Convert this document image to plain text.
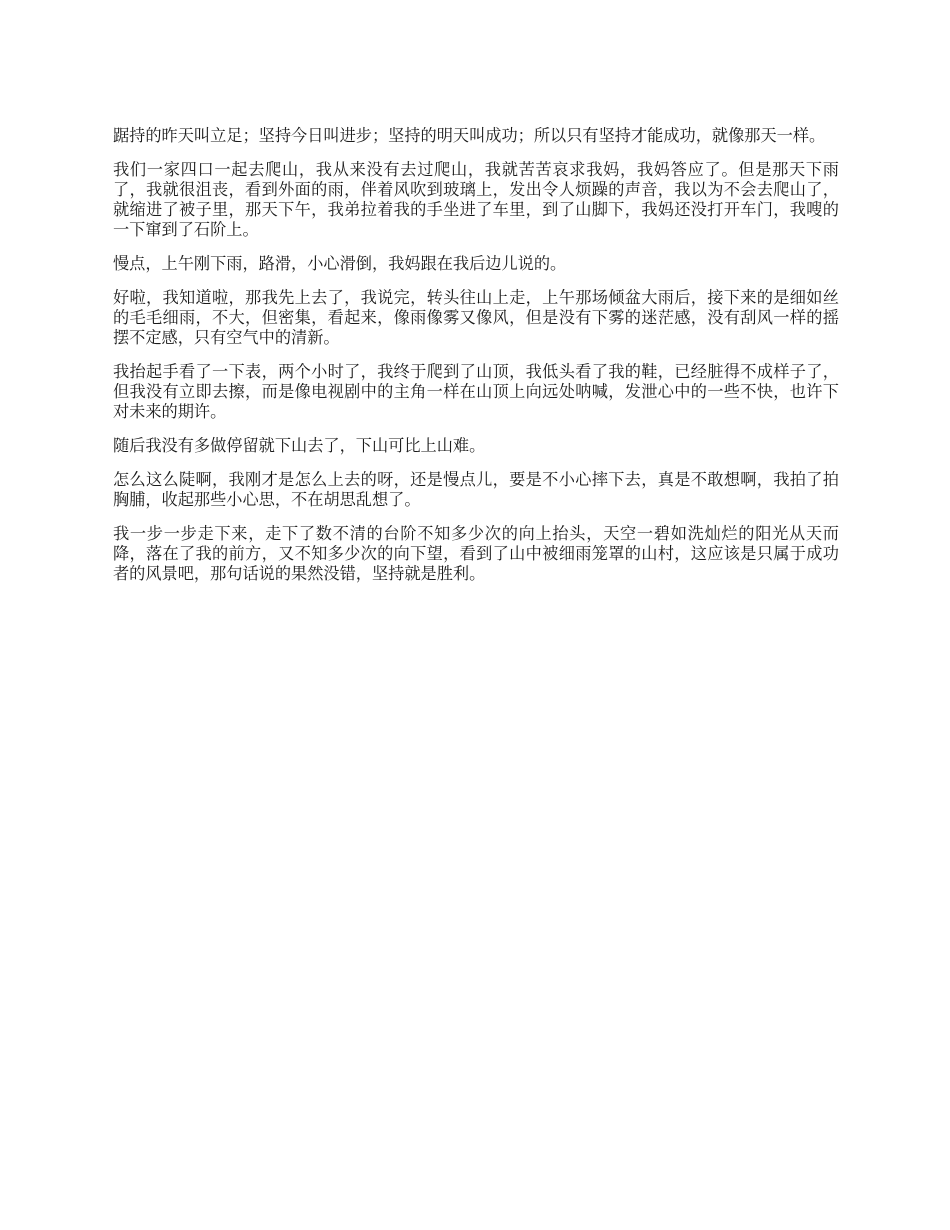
踞持的昨天叫立足；坚持今日叫进步；坚持的明天叫成功；所以只有坚持才能成功，就像那天一样。

我们一家四口一起去爬山，我从来没有去过爬山，我就苦苦哀求我妈，我妈答应了。但是那天下雨了，我就很沮丧，看到外面的雨，伴着风吹到玻璃上，发出令人烦躁的声音，我以为不会去爬山了，就缩进了被子里，那天下午，我弟拉着我的手坐进了车里，到了山脚下，我妈还没打开车门，我嗖的一下窜到了石阶上。

慢点，上午刚下雨，路滑，小心滑倒，我妈跟在我后边儿说的。

好啦，我知道啦，那我先上去了，我说完，转头往山上走，上午那场倾盆大雨后，接下来的是细如丝的毛毛细雨，不大，但密集，看起来，像雨像雾又像风，但是没有下雾的迷茫感，没有刮风一样的摇摆不定感，只有空气中的清新。

我抬起手看了一下表，两个小时了，我终于爬到了山顶，我低头看了我的鞋，已经脏得不成样子了，但我没有立即去擦，而是像电视剧中的主角一样在山顶上向远处呐喊，发泄心中的一些不快，也许下对未来的期许。

随后我没有多做停留就下山去了，下山可比上山难。

怎么这么陡啊，我刚才是怎么上去的呀，还是慢点儿，要是不小心摔下去，真是不敢想啊，我拍了拍胸脯，收起那些小心思，不在胡思乱想了。

我一步一步走下来，走下了数不清的台阶不知多少次的向上抬头，天空一碧如洗灿烂的阳光从天而降，落在了我的前方，又不知多少次的向下望，看到了山中被细雨笼罩的山村，这应该是只属于成功者的风景吧，那句话说的果然没错，坚持就是胜利。
